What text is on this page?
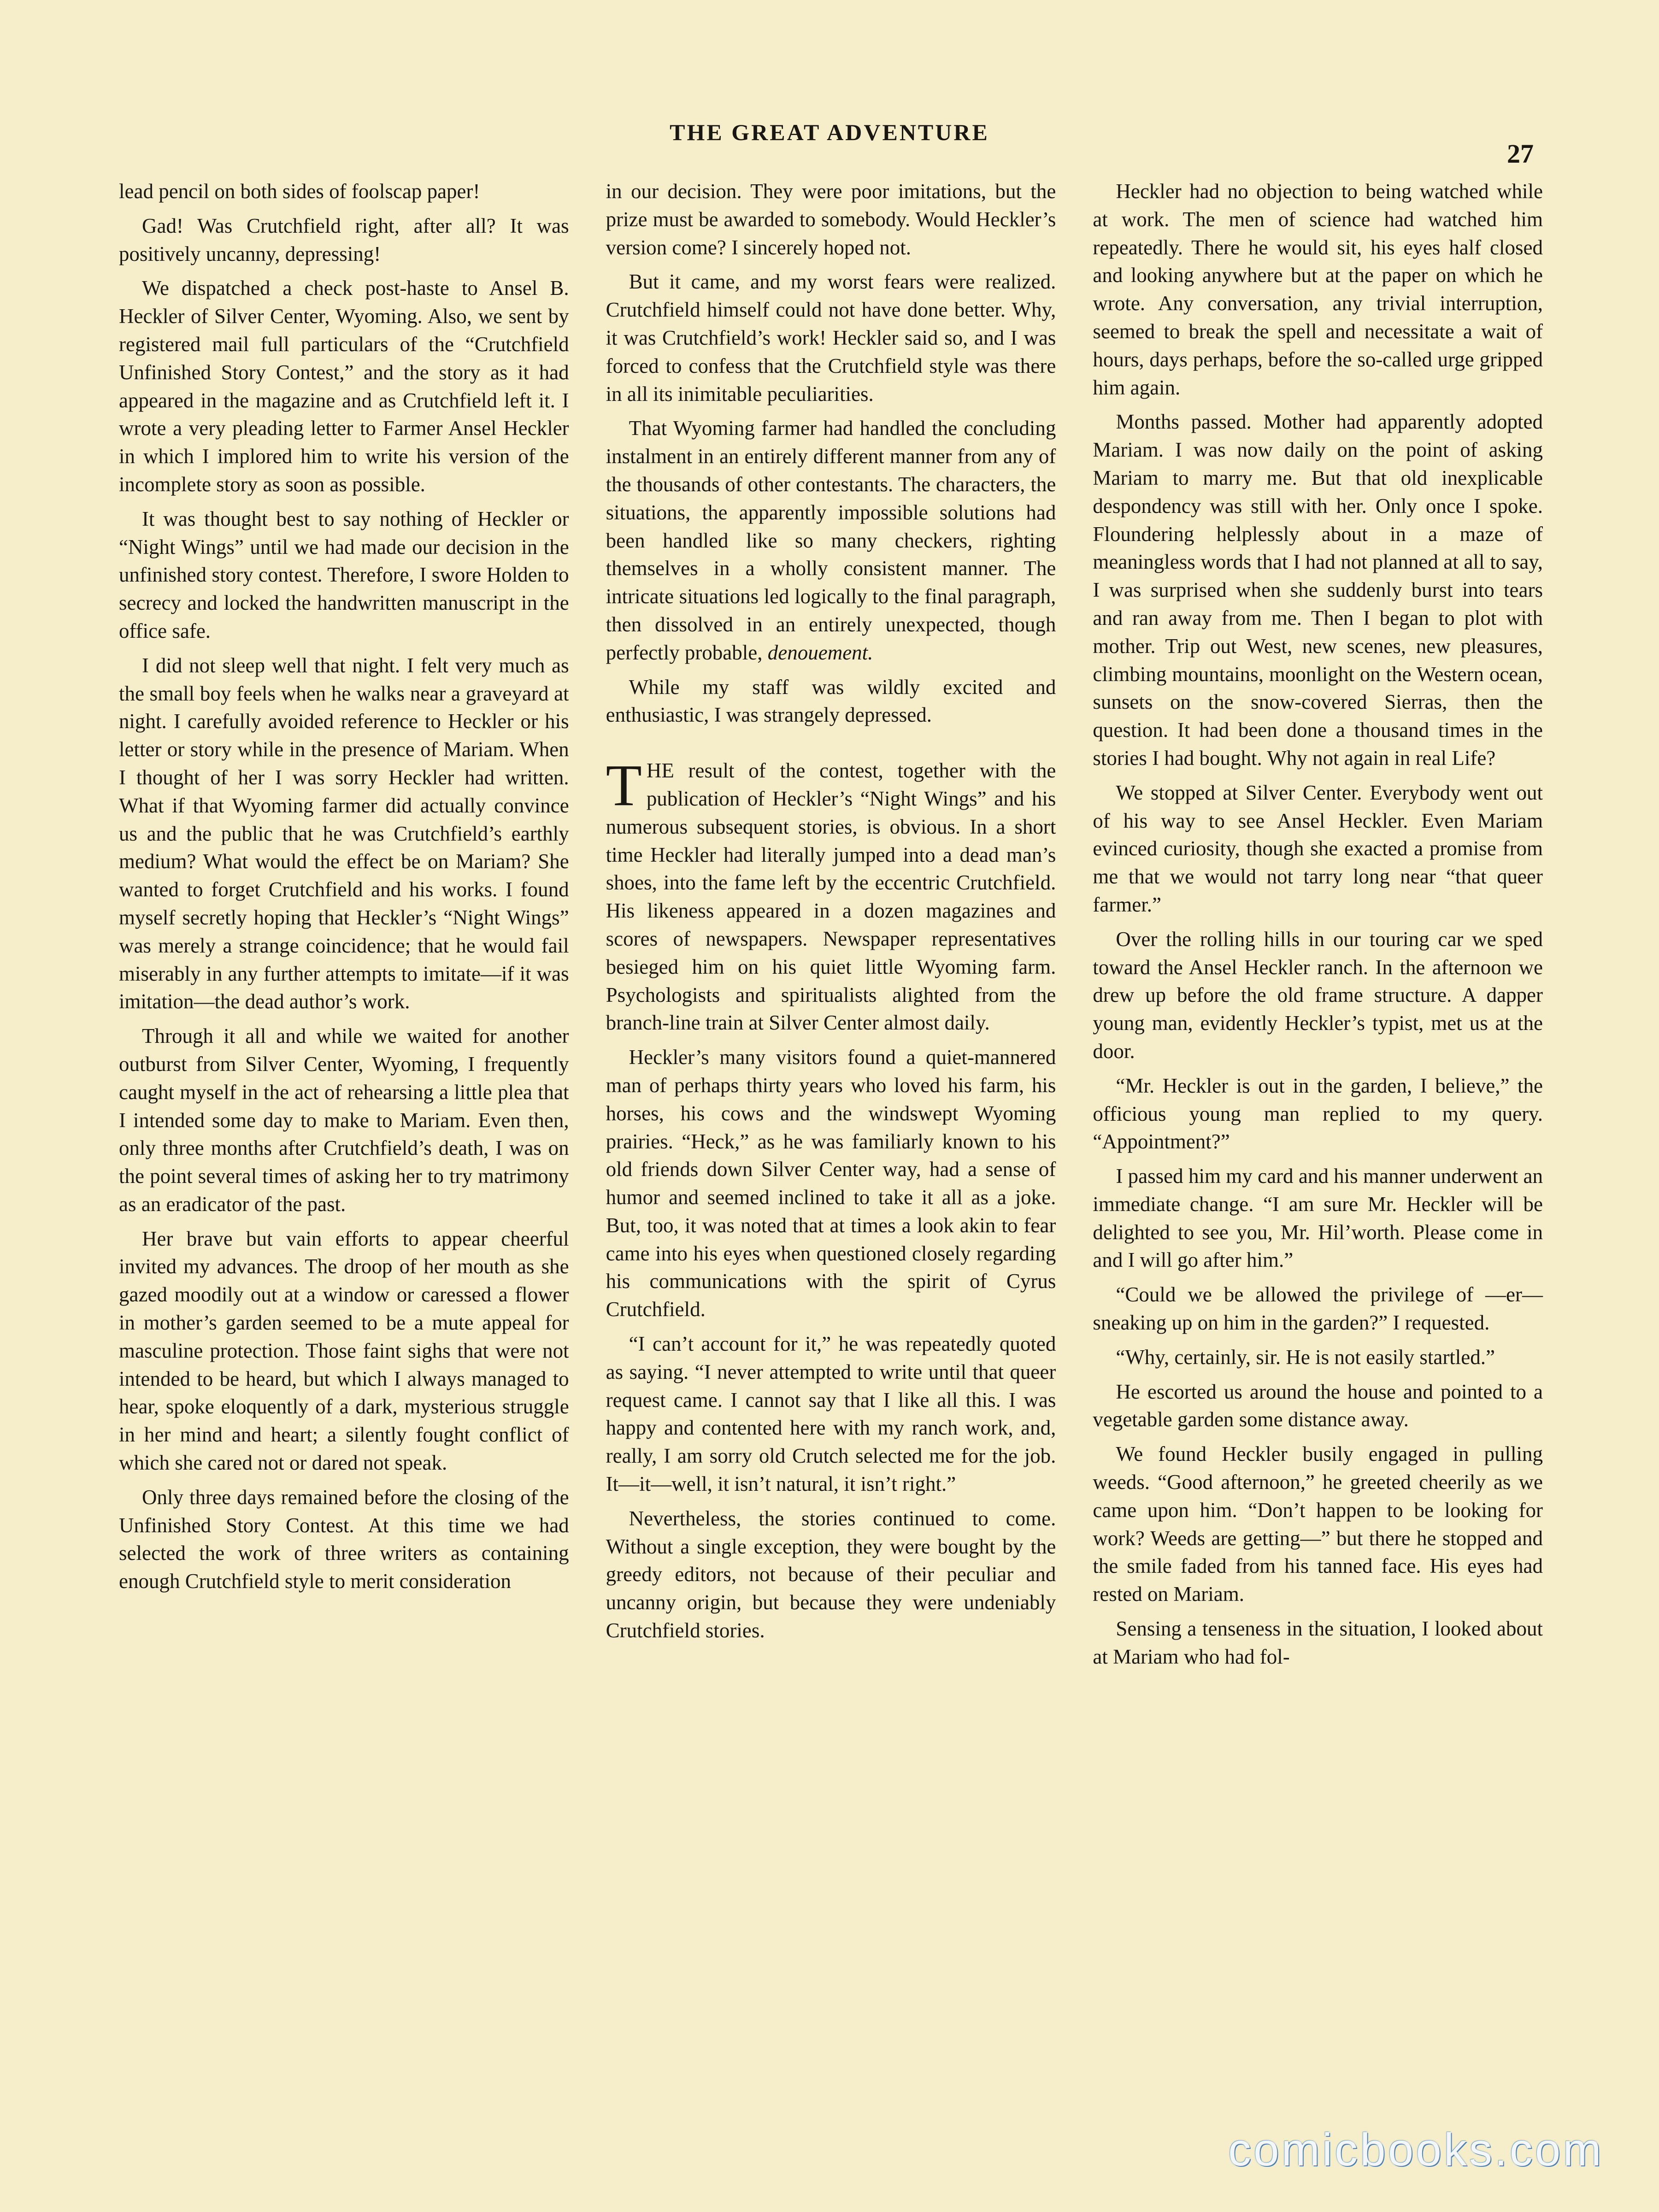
THE GREAT ADVENTURE
27

lead pencil on both sides of foolscap paper!

Gad! Was Crutchfield right, after all? It was positively uncanny, depressing!

We dispatched a check post-haste to Ansel B. Heckler of Silver Center, Wyoming. Also, we sent by registered mail full particulars of the “Crutchfield Unfinished Story Contest,” and the story as it had appeared in the magazine and as Crutchfield left it. I wrote a very pleading letter to Farmer Ansel Heckler in which I implored him to write his version of the incomplete story as soon as possible.

It was thought best to say nothing of Heckler or “Night Wings” until we had made our decision in the unfinished story contest. Therefore, I swore Holden to secrecy and locked the handwritten manuscript in the office safe.

I did not sleep well that night. I felt very much as the small boy feels when he walks near a graveyard at night. I carefully avoided reference to Heckler or his letter or story while in the presence of Mariam. When I thought of her I was sorry Heckler had written. What if that Wyoming farmer did actually convince us and the public that he was Crutchfield’s earthly medium? What would the effect be on Mariam? She wanted to forget Crutchfield and his works. I found myself secretly hoping that Heckler’s “Night Wings” was merely a strange coincidence; that he would fail miserably in any further attempts to imitate—if it was imitation—the dead author’s work.

Through it all and while we waited for another outburst from Silver Center, Wyoming, I frequently caught myself in the act of rehearsing a little plea that I intended some day to make to Mariam. Even then, only three months after Crutchfield’s death, I was on the point several times of asking her to try matrimony as an eradicator of the past.

Her brave but vain efforts to appear cheerful invited my advances. The droop of her mouth as she gazed moodily out at a window or caressed a flower in mother’s garden seemed to be a mute appeal for masculine protection. Those faint sighs that were not intended to be heard, but which I always managed to hear, spoke eloquently of a dark, mysterious struggle in her mind and heart; a silently fought conflict of which she cared not or dared not speak.

Only three days remained before the closing of the Unfinished Story Contest. At this time we had selected the work of three writers as containing enough Crutchfield style to merit consideration

in our decision. They were poor imitations, but the prize must be awarded to somebody. Would Heckler’s version come? I sincerely hoped not.

But it came, and my worst fears were realized. Crutchfield himself could not have done better. Why, it was Crutchfield’s work! Heckler said so, and I was forced to confess that the Crutchfield style was there in all its inimitable peculiarities.

That Wyoming farmer had handled the concluding instalment in an entirely different manner from any of the thousands of other contestants. The characters, the situations, the apparently impossible solutions had been handled like so many checkers, righting themselves in a wholly consistent manner. The intricate situations led logically to the final paragraph, then dissolved in an entirely unexpected, though perfectly probable, denouement.

While my staff was wildly excited and enthusiastic, I was strangely depressed.

THE result of the contest, together with the publication of Heckler’s “Night Wings” and his numerous subsequent stories, is obvious. In a short time Heckler had literally jumped into a dead man’s shoes, into the fame left by the eccentric Crutchfield. His likeness appeared in a dozen magazines and scores of newspapers. Newspaper representatives besieged him on his quiet little Wyoming farm. Psychologists and spiritualists alighted from the branch-line train at Silver Center almost daily.

Heckler’s many visitors found a quiet-mannered man of perhaps thirty years who loved his farm, his horses, his cows and the windswept Wyoming prairies. “Heck,” as he was familiarly known to his old friends down Silver Center way, had a sense of humor and seemed inclined to take it all as a joke. But, too, it was noted that at times a look akin to fear came into his eyes when questioned closely regarding his communications with the spirit of Cyrus Crutchfield.

“I can’t account for it,” he was repeatedly quoted as saying. “I never attempted to write until that queer request came. I cannot say that I like all this. I was happy and contented here with my ranch work, and, really, I am sorry old Crutch selected me for the job. It—it—well, it isn’t natural, it isn’t right.”

Nevertheless, the stories continued to come. Without a single exception, they were bought by the greedy editors, not because of their peculiar and uncanny origin, but because they were undeniably Crutchfield stories.

Heckler had no objection to being watched while at work. The men of science had watched him repeatedly. There he would sit, his eyes half closed and looking anywhere but at the paper on which he wrote. Any conversation, any trivial interruption, seemed to break the spell and necessitate a wait of hours, days perhaps, before the so-called urge gripped him again.

Months passed. Mother had apparently adopted Mariam. I was now daily on the point of asking Mariam to marry me. But that old inexplicable despondency was still with her. Only once I spoke. Floundering helplessly about in a maze of meaningless words that I had not planned at all to say, I was surprised when she suddenly burst into tears and ran away from me. Then I began to plot with mother. Trip out West, new scenes, new pleasures, climbing mountains, moonlight on the Western ocean, sunsets on the snow-covered Sierras, then the question. It had been done a thousand times in the stories I had bought. Why not again in real Life?

We stopped at Silver Center. Everybody went out of his way to see Ansel Heckler. Even Mariam evinced curiosity, though she exacted a promise from me that we would not tarry long near “that queer farmer.”

Over the rolling hills in our touring car we sped toward the Ansel Heckler ranch. In the afternoon we drew up before the old frame structure. A dapper young man, evidently Heckler’s typist, met us at the door.

“Mr. Heckler is out in the garden, I believe,” the officious young man replied to my query. “Appointment?”

I passed him my card and his manner underwent an immediate change. “I am sure Mr. Heckler will be delighted to see you, Mr. Hil’worth. Please come in and I will go after him.”

“Could we be allowed the privilege of —er—sneaking up on him in the garden?” I requested.

“Why, certainly, sir. He is not easily startled.”

He escorted us around the house and pointed to a vegetable garden some distance away.

We found Heckler busily engaged in pulling weeds. “Good afternoon,” he greeted cheerily as we came upon him. “Don’t happen to be looking for work? Weeds are getting—” but there he stopped and the smile faded from his tanned face. His eyes had rested on Mariam.

Sensing a tenseness in the situation, I looked about at Mariam who had fol-

comicbooks.com
